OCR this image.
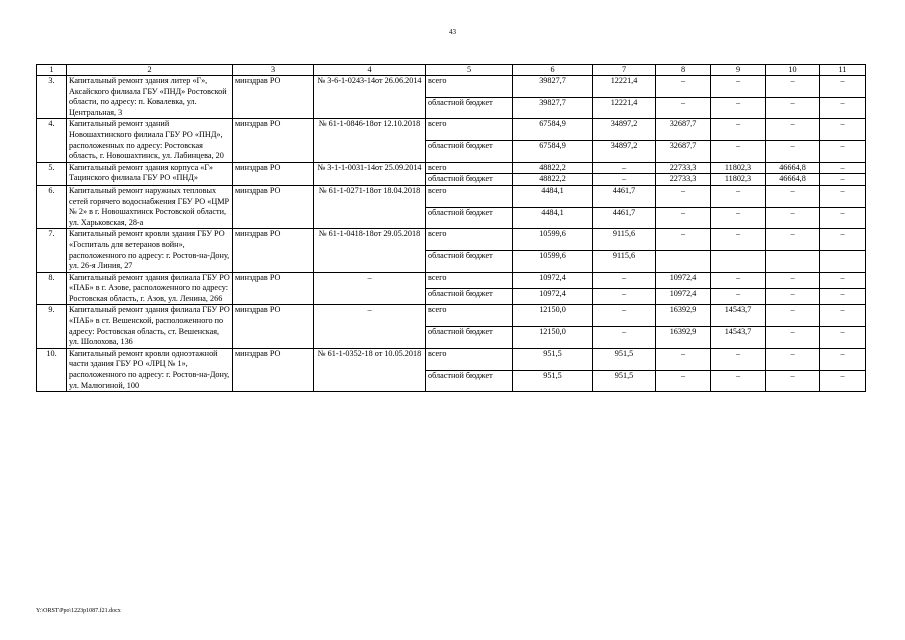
43
1	2	3	4	5	6	7	8	9	10	11
3.	Капитальный ремонт здания литер «Г», Аксайского филиала ГБУ «ПНД» Ростовской области, по адресу: п. Ковалевка, ул. Центральная, 3	минздрав РО	№ 3-6-1-0243-14от 26.06.2014	всего	39827,7	12221,4	–	–	–	–
				областной бюджет	39827,7	12221,4	–	–	–	–
4.	Капитальный ремонт зданий Новошахтинского филиала ГБУ РО «ПНД», расположенных по адресу: Ростовская область, г. Новошахтинск, ул. Лабинцева, 20	минздрав РО	№ 61-1-0846-18от 12.10.2018	всего	67584,9	34897,2	32687,7	–	–	–
				областной бюджет	67584,9	34897,2	32687,7	–	–	–
5.	Капитальный ремонт здания корпуса «Г» Тацинского филиала ГБУ РО «ПНД»	минздрав РО	№ 3-1-1-0031-14от 25.09.2014	всего	48822,2	–	22733,3	11802,3	46664,8	–
				областной бюджет	48822,2	–	22733,3	11802,3	46664,8	–
6.	Капитальный ремонт наружных тепловых сетей горячего водоснабжения ГБУ РО «ЦМР № 2» в г. Новошахтинск Ростовской области, ул. Харьковская, 28-а	минздрав РО	№ 61-1-0271-18от 18.04.2018	всего	4484,1	4461,7	–	–	–	–
				областной бюджет	4484,1	4461,7	–	–	–	–
7.	Капитальный ремонт кровли здания ГБУ РО «Госпиталь для ветеранов войн», расположенного по адресу: г. Ростов-на-Дону, ул. 26-я Линия, 27	минздрав РО	№ 61-1-0418-18от 29.05.2018	всего	10599,6	9115,6	–	–	–	–
				областной бюджет	10599,6	9115,6				
8.	Капитальный ремонт здания филиала ГБУ РО «ПАБ» в г. Азове, расположенного по адресу: Ростовская область, г. Азов, ул. Ленина, 266	минздрав РО	–	всего	10972,4	–	10972,4	–	–	–
				областной бюджет	10972,4	–	10972,4	–	–	–
9.	Капитальный ремонт здания филиала ГБУ РО «ПАБ» в ст. Вешенской, расположенного по адресу: Ростовская область, ст. Вешенская, ул. Шолохова, 136	минздрав РО	–	всего	12150,0	–	16392,9	14543,7	–	–
				областной бюджет	12150,0	–	16392,9	14543,7	–	–
10.	Капитальный ремонт кровли одноэтажной части здания ГБУ РО «ЛРЦ № 1», расположенного по адресу: г. Ростов-на-Дону, ул. Малюгиной, 100	минздрав РО	№ 61-1-0352-18 от 10.05.2018	всего	951,5	951,5	–	–	–	–
				областной бюджет	951,5	951,5	–	–	–	–
Y:\ORST\Ppo\1223p1087.f21.docx
